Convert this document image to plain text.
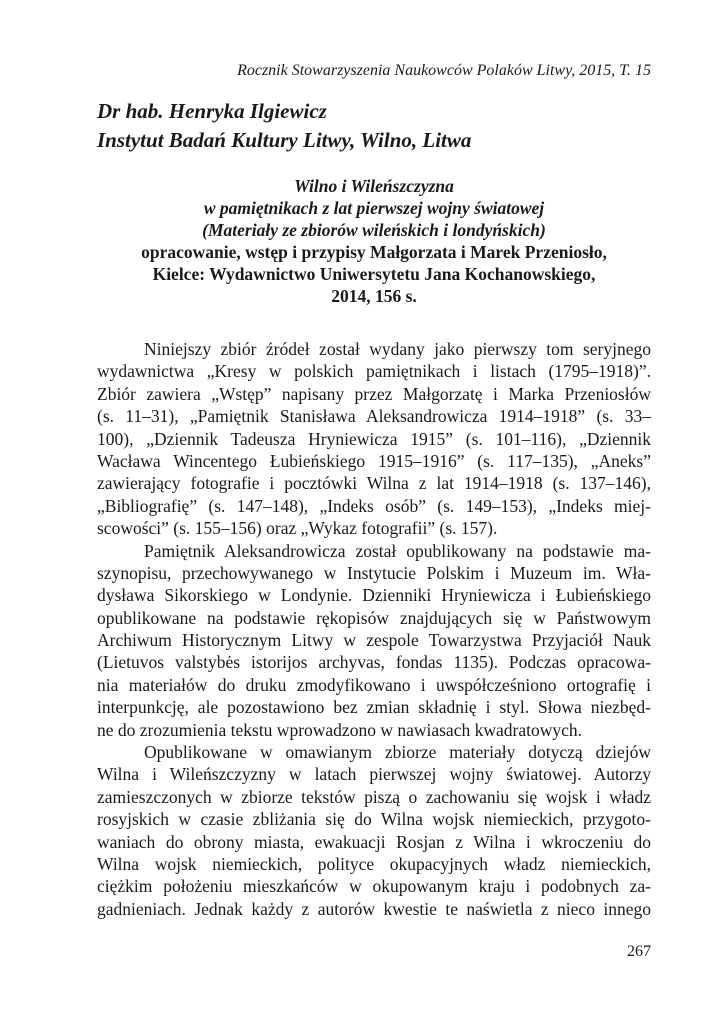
Rocznik Stowarzyszenia Naukowców Polaków Litwy, 2015, T. 15
Dr hab. Henryka Ilgiewicz
Instytut Badań Kultury Litwy, Wilno, Litwa
Wilno i Wileńszczyzna
w pamiętnikach z lat pierwszej wojny światowej
(Materiały ze zbiorów wileńskich i londyńskich)
opracowanie, wstęp i przypisy Małgorzata i Marek Przeniosło,
Kielce: Wydawnictwo Uniwersytetu Jana Kochanowskiego,
2014, 156 s.
Niniejszy zbiór źródeł został wydany jako pierwszy tom seryjnego
wydawnictwa „Kresy w polskich pamiętnikach i listach (1795–1918)”.
Zbiór zawiera „Wstęp” napisany przez Małgorzatę i Marka Przeniosłów
(s. 11–31), „Pamiętnik Stanisława Aleksandrowicza 1914–1918” (s. 33–
100), „Dziennik Tadeusza Hryniewicza 1915” (s. 101–116), „Dziennik
Wacława Wincentego Łubieńskiego 1915–1916” (s. 117–135), „Aneks”
zawierający fotografie i pocztówki Wilna z lat 1914–1918 (s. 137–146),
„Bibliografię” (s. 147–148), „Indeks osób” (s. 149–153), „Indeks miej-
scowości” (s. 155–156) oraz „Wykaz fotografii” (s. 157).
Pamiętnik Aleksandrowicza został opublikowany na podstawie ma-
szynopisu, przechowywanego w Instytucie Polskim i Muzeum im. Wła-
dysława Sikorskiego w Londynie. Dzienniki Hryniewicza i Łubieńskiego
opublikowane na podstawie rękopisów znajdujących się w Państwowym
Archiwum Historycznym Litwy w zespole Towarzystwa Przyjaciół Nauk
(Lietuvos valstybės istorijos archyvas, fondas 1135). Podczas opracowa-
nia materiałów do druku zmodyfikowano i uwspółcześniono ortografię i
interpunkcję, ale pozostawiono bez zmian składnię i styl. Słowa niezbęd-
ne do zrozumienia tekstu wprowadzono w nawiasach kwadratowych.
Opublikowane w omawianym zbiorze materiały dotyczą dziejów
Wilna i Wileńszczyzny w latach pierwszej wojny światowej. Autorzy
zamieszczonych w zbiorze tekstów piszą o zachowaniu się wojsk i władz
rosyjskich w czasie zbliżania się do Wilna wojsk niemieckich, przygoto-
waniach do obrony miasta, ewakuacji Rosjan z Wilna i wkroczeniu do
Wilna wojsk niemieckich, polityce okupacyjnych władz niemieckich,
ciężkim położeniu mieszkańców w okupowanym kraju i podobnych za-
gadnieniach. Jednak każdy z autorów kwestie te naświetla z nieco innego
267
